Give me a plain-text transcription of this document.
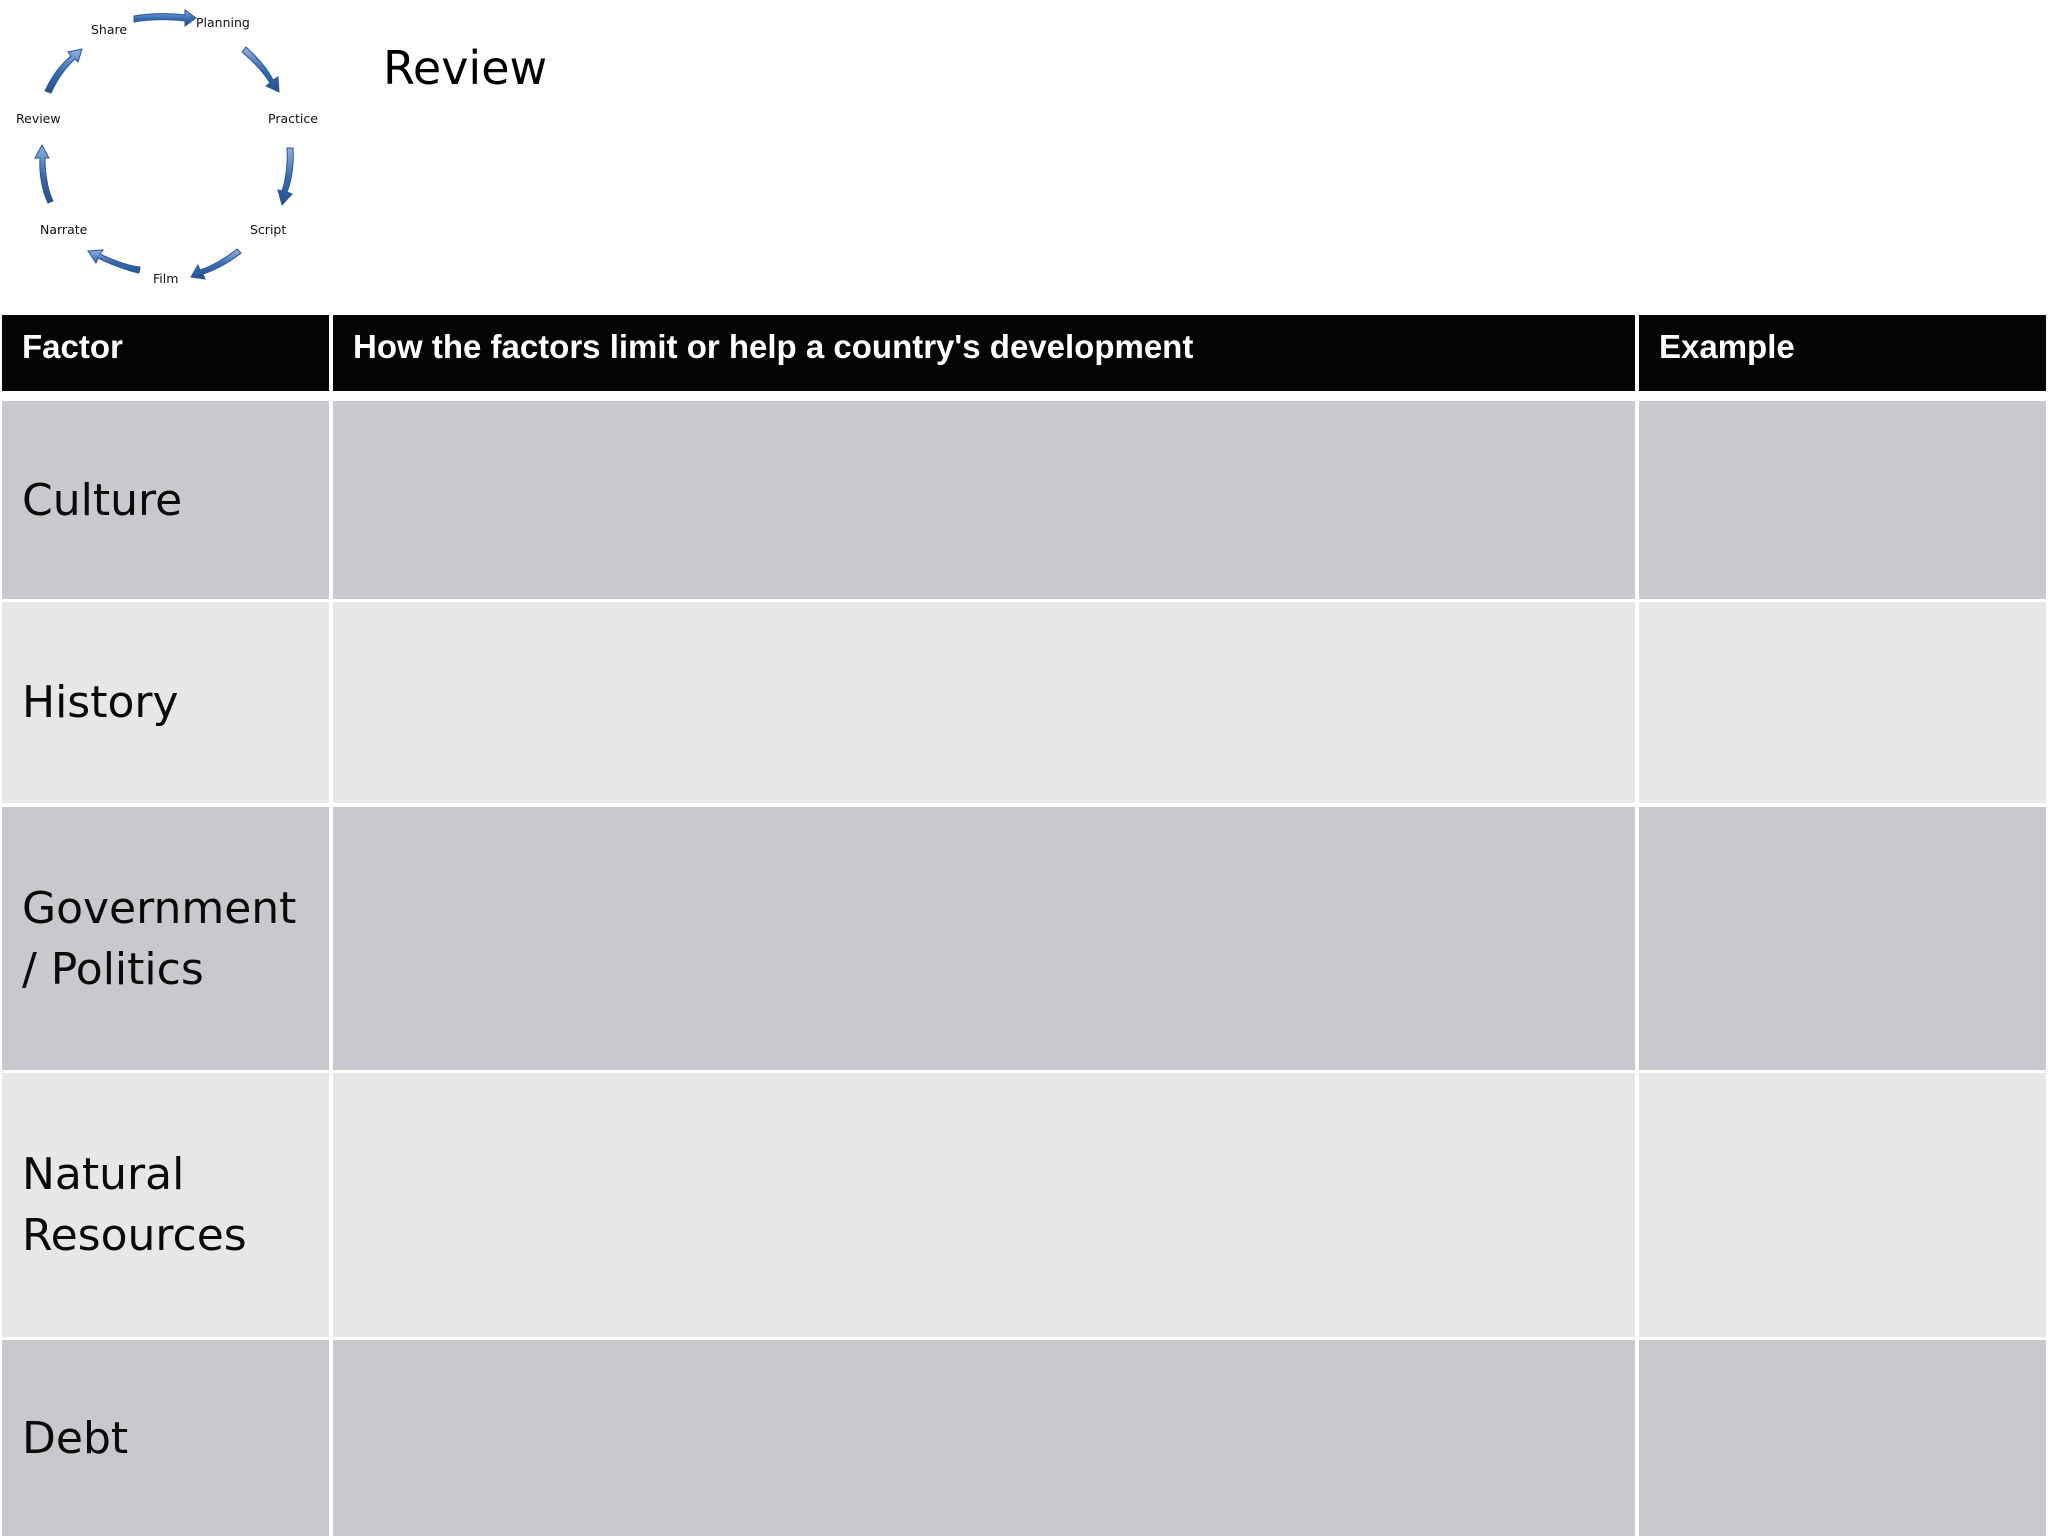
Planning
Practice
Script
Film
Narrate
Review
Share
Review
Factor	How the factors limit or help a country's development	Example
Culture
History
Government / Politics
Natural Resources
Debt
